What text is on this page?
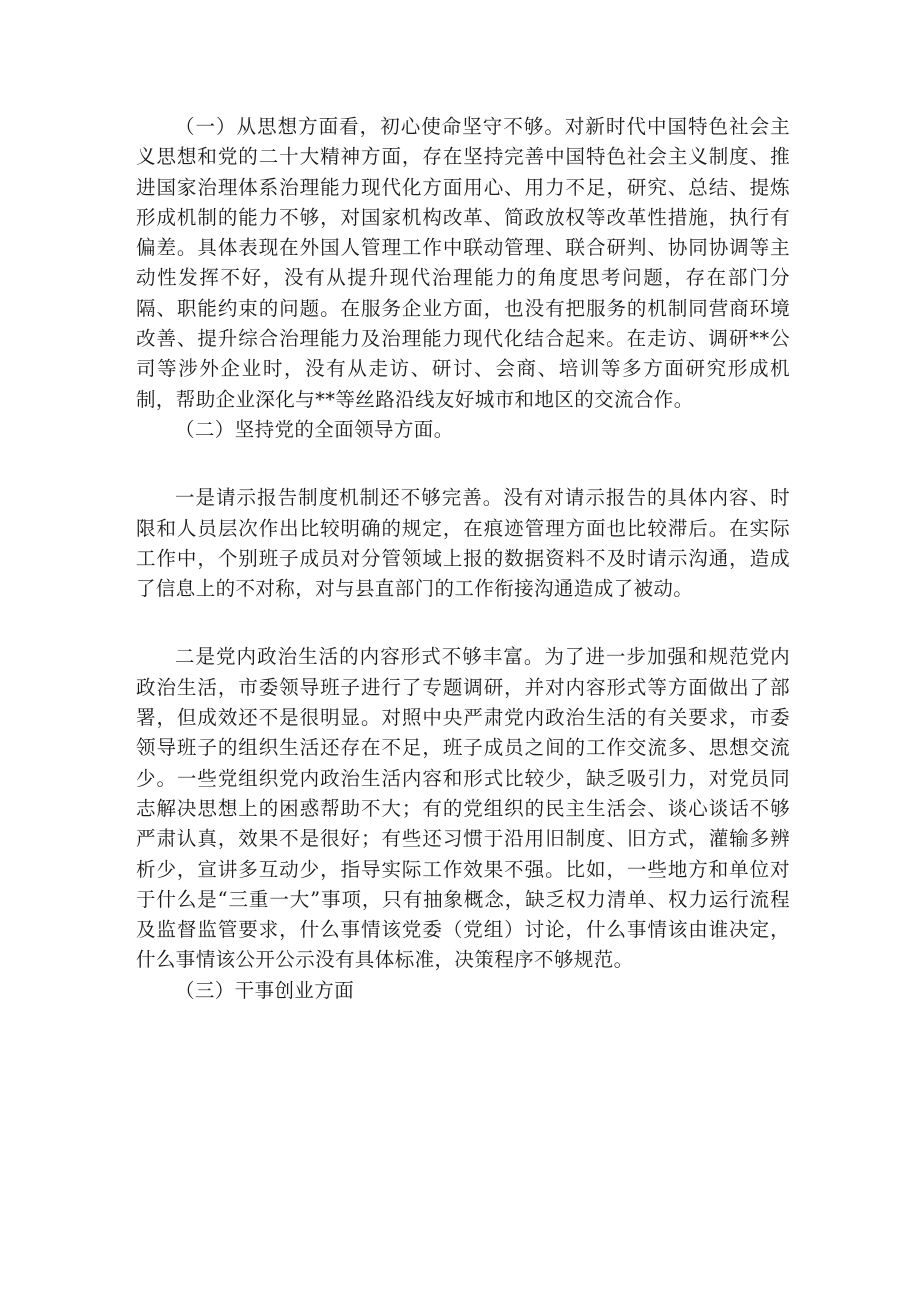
（一）从思想方面看，初心使命坚守不够。对新时代中国特色社会主义思想和党的二十大精神方面，存在坚持完善中国特色社会主义制度、推进国家治理体系治理能力现代化方面用心、用力不足，研究、总结、提炼形成机制的能力不够，对国家机构改革、简政放权等改革性措施，执行有偏差。具体表现在外国人管理工作中联动管理、联合研判、协同协调等主动性发挥不好，没有从提升现代治理能力的角度思考问题，存在部门分隔、职能约束的问题。在服务企业方面，也没有把服务的机制同营商环境改善、提升综合治理能力及治理能力现代化结合起来。在走访、调研**公司等涉外企业时，没有从走访、研讨、会商、培训等多方面研究形成机制，帮助企业深化与**等丝路沿线友好城市和地区的交流合作。

（二）坚持党的全面领导方面。

一是请示报告制度机制还不够完善。没有对请示报告的具体内容、时限和人员层次作出比较明确的规定，在痕迹管理方面也比较滞后。在实际工作中，个别班子成员对分管领域上报的数据资料不及时请示沟通，造成了信息上的不对称，对与县直部门的工作衔接沟通造成了被动。

二是党内政治生活的内容形式不够丰富。为了进一步加强和规范党内政治生活，市委领导班子进行了专题调研，并对内容形式等方面做出了部署，但成效还不是很明显。对照中央严肃党内政治生活的有关要求，市委领导班子的组织生活还存在不足，班子成员之间的工作交流多、思想交流少。一些党组织党内政治生活内容和形式比较少，缺乏吸引力，对党员同志解决思想上的困惑帮助不大；有的党组织的民主生活会、谈心谈话不够严肃认真，效果不是很好；有些还习惯于沿用旧制度、旧方式，灌输多辨析少，宣讲多互动少，指导实际工作效果不强。比如，一些地方和单位对于什么是“三重一大”事项，只有抽象概念，缺乏权力清单、权力运行流程及监督监管要求，什么事情该党委（党组）讨论，什么事情该由谁决定，什么事情该公开公示没有具体标准，决策程序不够规范。

（三）干事创业方面
